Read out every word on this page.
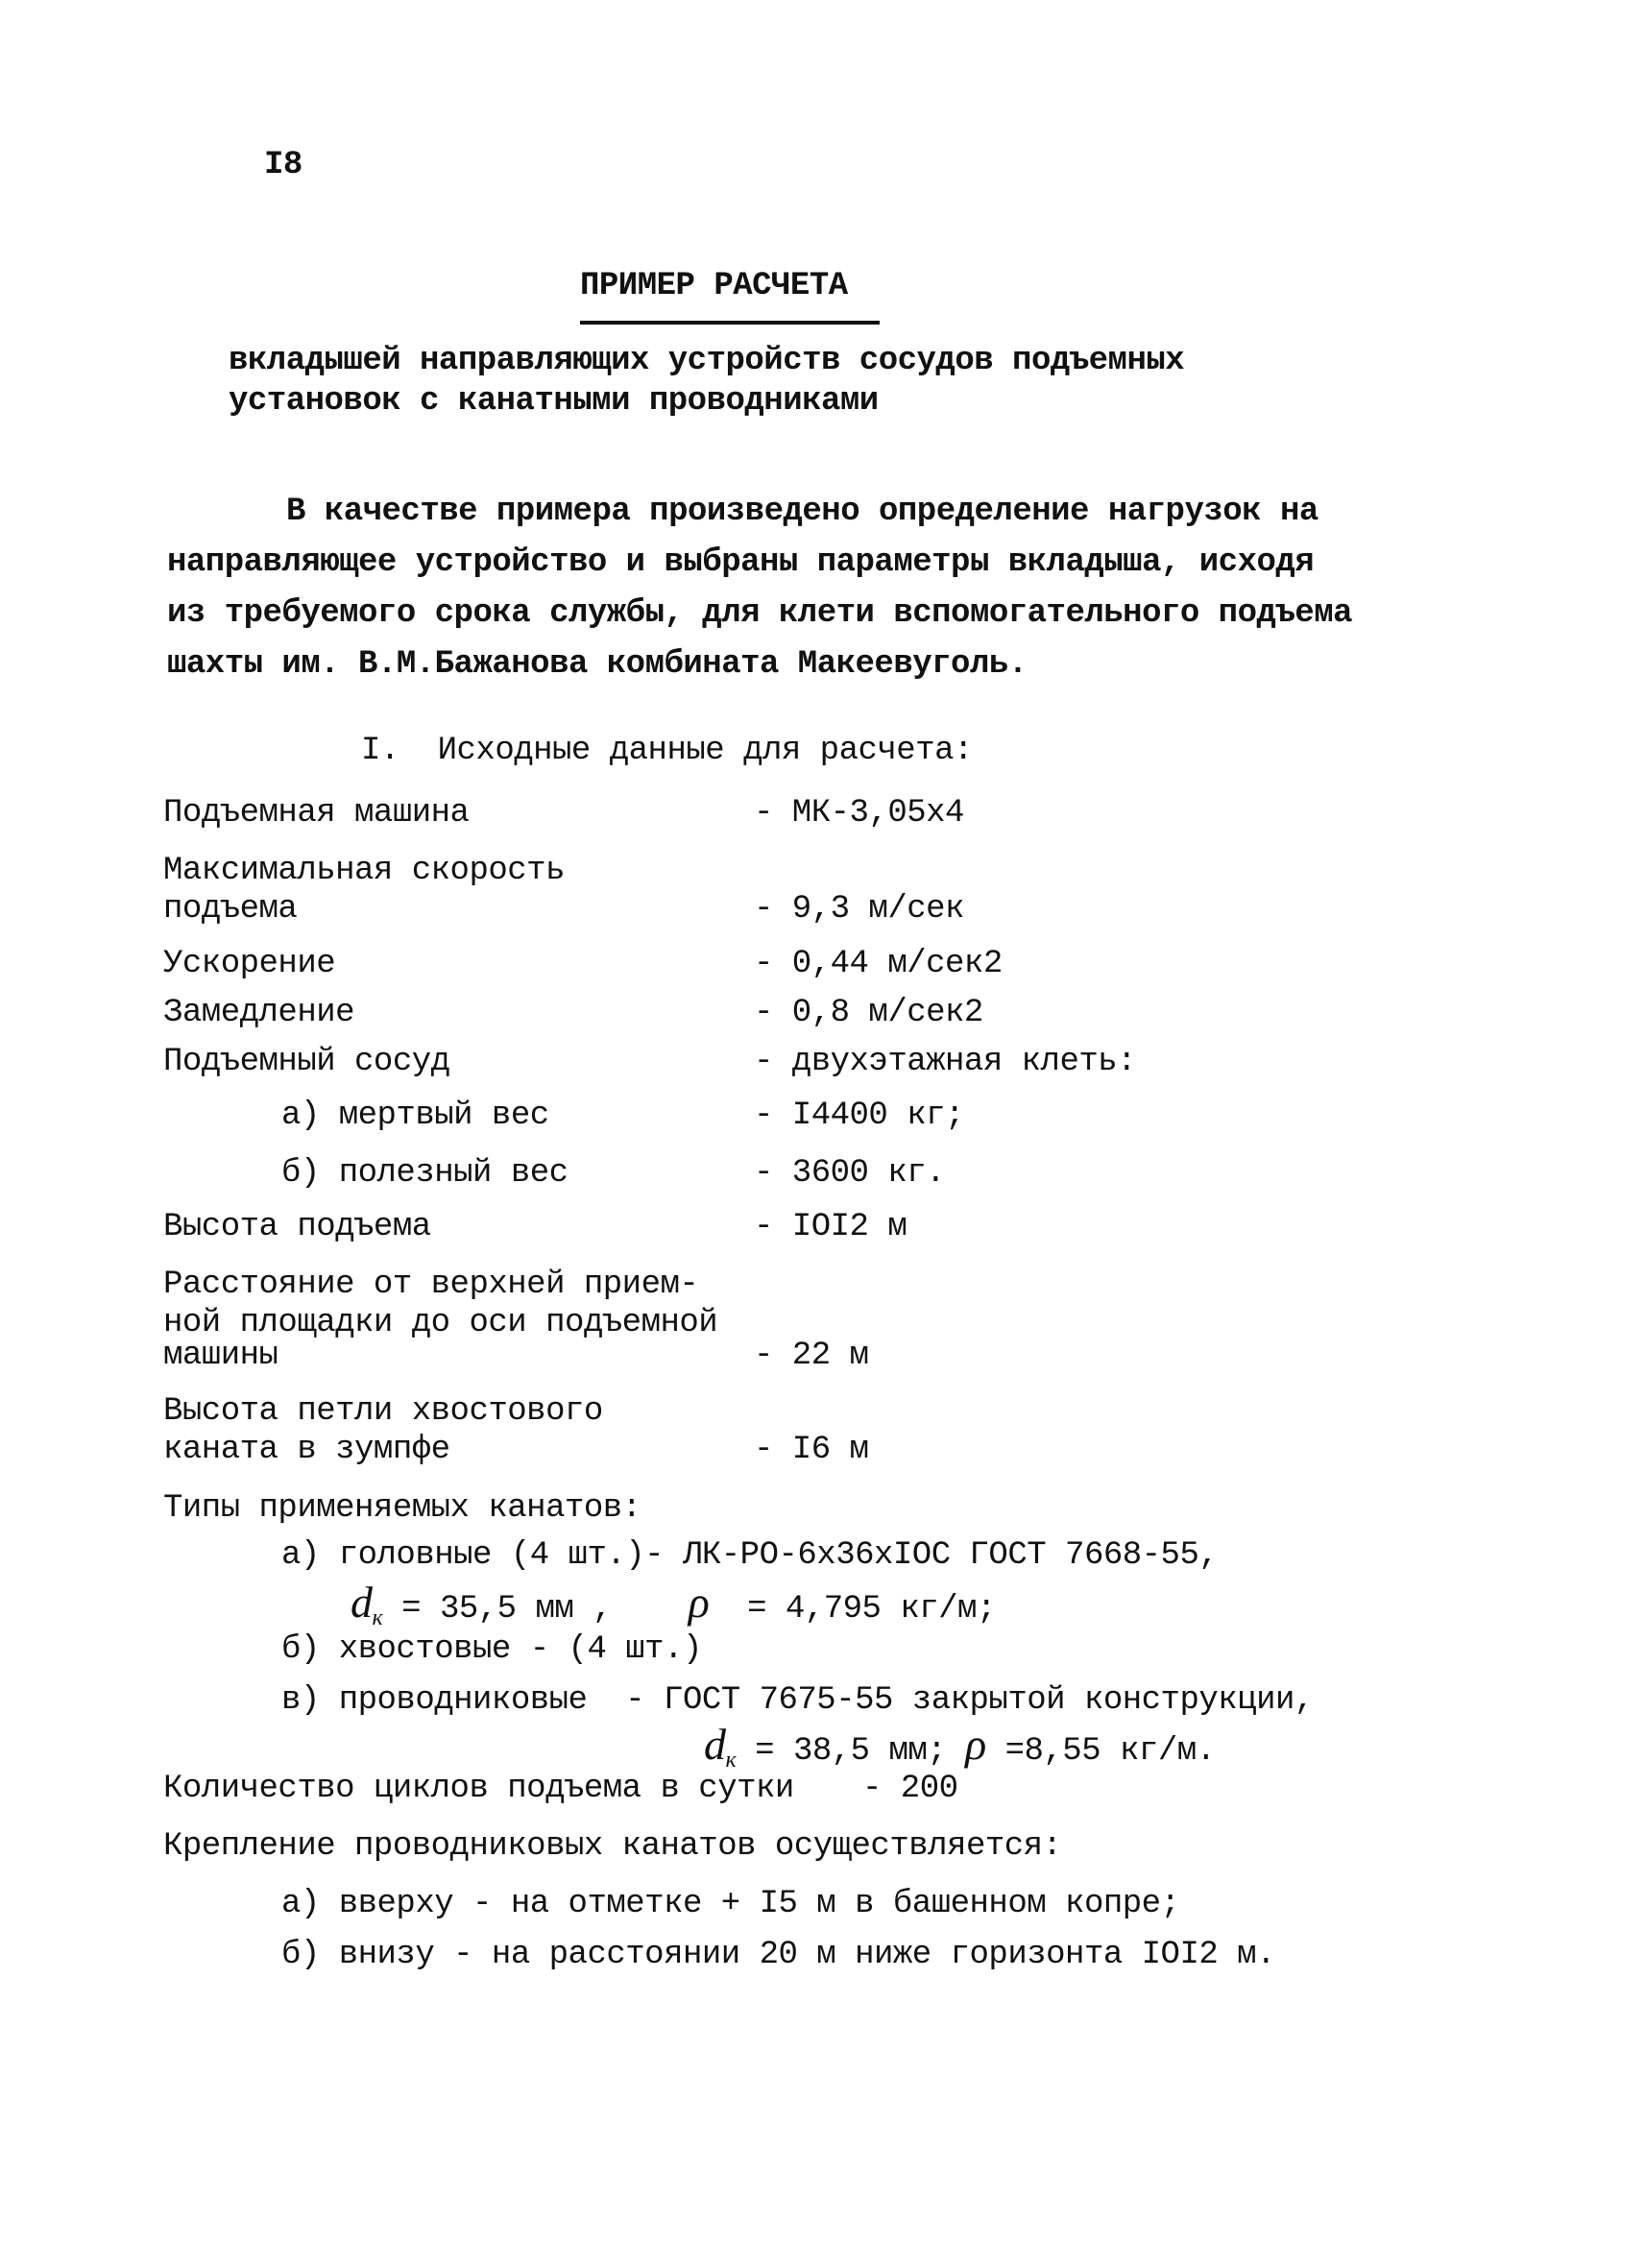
I8
ПРИМЕР РАСЧЕТА
вкладышей направляющих устройств сосудов подъемных
установок с канатными проводниками
В качестве примера произведено определение нагрузок на
направляющее устройство и выбраны параметры вкладыша, исходя
из требуемого срока службы, для клети вспомогательного подъема
шахты им. В.М.Бажанова комбината Макеевуголь.
I.  Исходные данные для расчета:
Подъемная машина	- МК-3,05х4
Максимальная скорость
подъема	- 9,3 м/сек
Ускорение	- 0,44 м/сек2
Замедление	- 0,8 м/сек2
Подъемный сосуд	- двухэтажная клеть:
а) мертвый вес	- I4400 кг;
б) полезный вес	- 3600 кг.
Высота подъема	- IOI2 м
Расстояние от верхней прием-
ной площадки до оси подъемной
машины	- 22 м
Высота петли хвостового
каната в зумпфе	- I6 м
Типы применяемых канатов:
а) головные (4 шт.)- ЛК-РО-6х36хIОС ГОСТ 7668-55,
$d_к = 35,5$ мм , ρ = 4,795 кг/м;
б) хвостовые - (4 шт.)
в) проводниковые  - ГОСТ 7675-55 закрытой конструкции,
$d_к = 38,5$ мм; ρ =8,55 кг/м.
Количество циклов подъема в сутки - 200
Крепление проводниковых канатов осуществляется:
а) вверху - на отметке + I5 м в башенном копре;
б) внизу - на расстоянии 20 м ниже горизонта IOI2 м.
